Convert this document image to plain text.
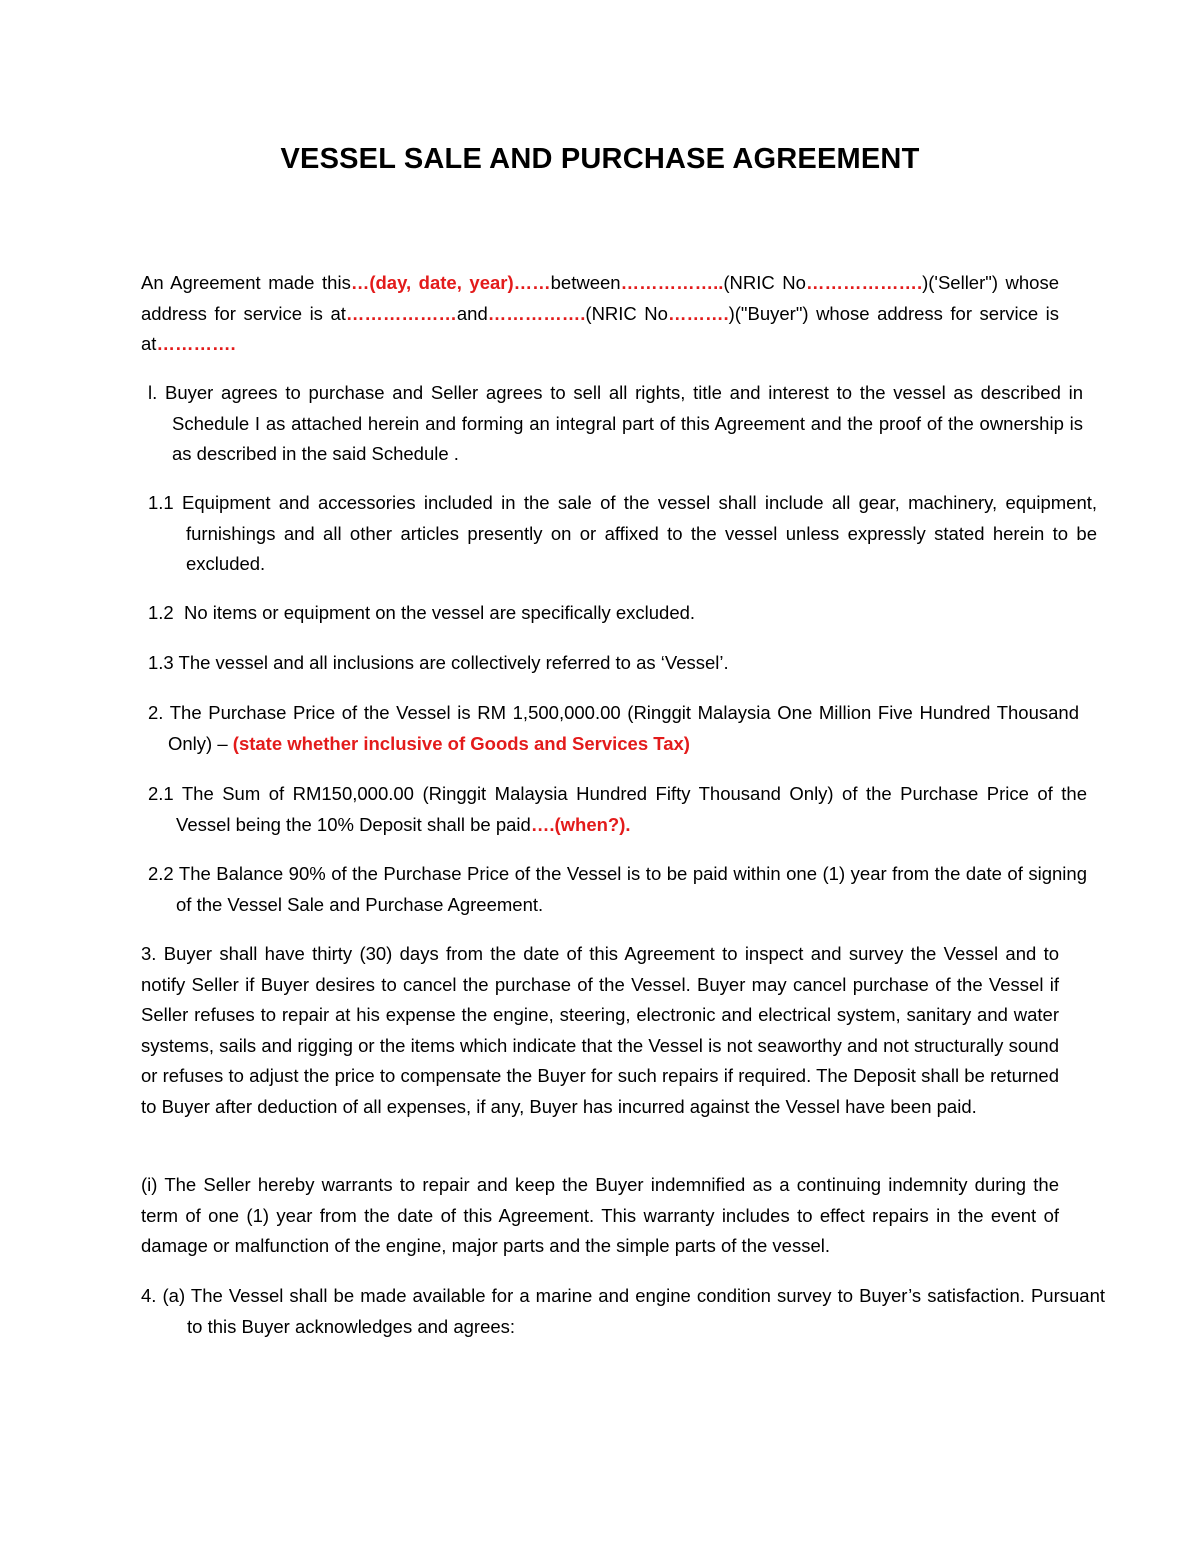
VESSEL SALE AND PURCHASE AGREEMENT
An Agreement made this…(day, date, year)……between……………..(NRIC No……………….)('Seller") whose address for service is at………………and…………….(NRIC No……….)("Buyer") whose address for service is at………….
l. Buyer agrees to purchase and Seller agrees to sell all rights, title and interest to the vessel as described in Schedule I as attached herein and forming an integral part of this Agreement and the proof of the ownership is as described in the said Schedule .
1.1 Equipment and accessories included in the sale of the vessel shall include all gear, machinery, equipment, furnishings and all other articles presently on or affixed to the vessel unless expressly stated herein to be excluded.
1.2 No items or equipment on the vessel are specifically excluded.
1.3 The vessel and all inclusions are collectively referred to as ‘Vessel’.
2. The Purchase Price of the Vessel is RM 1,500,000.00 (Ringgit Malaysia One Million Five Hundred Thousand Only) – (state whether inclusive of Goods and Services Tax)
2.1 The Sum of RM150,000.00 (Ringgit Malaysia Hundred Fifty Thousand Only) of the Purchase Price of the Vessel being the 10% Deposit shall be paid….(when?).
2.2 The Balance 90% of the Purchase Price of the Vessel is to be paid within one (1) year from the date of signing of the Vessel Sale and Purchase Agreement.
3. Buyer shall have thirty (30) days from the date of this Agreement to inspect and survey the Vessel and to notify Seller if Buyer desires to cancel the purchase of the Vessel. Buyer may cancel purchase of the Vessel if Seller refuses to repair at his expense the engine, steering, electronic and electrical system, sanitary and water systems, sails and rigging or the items which indicate that the Vessel is not seaworthy and not structurally sound or refuses to adjust the price to compensate the Buyer for such repairs if required. The Deposit shall be returned to Buyer after deduction of all expenses, if any, Buyer has incurred against the Vessel have been paid.
(i) The Seller hereby warrants to repair and keep the Buyer indemnified as a continuing indemnity during the term of one (1) year from the date of this Agreement. This warranty includes to effect repairs in the event of damage or malfunction of the engine, major parts and the simple parts of the vessel.
4. (a) The Vessel shall be made available for a marine and engine condition survey to Buyer’s satisfaction. Pursuant to this Buyer acknowledges and agrees:
